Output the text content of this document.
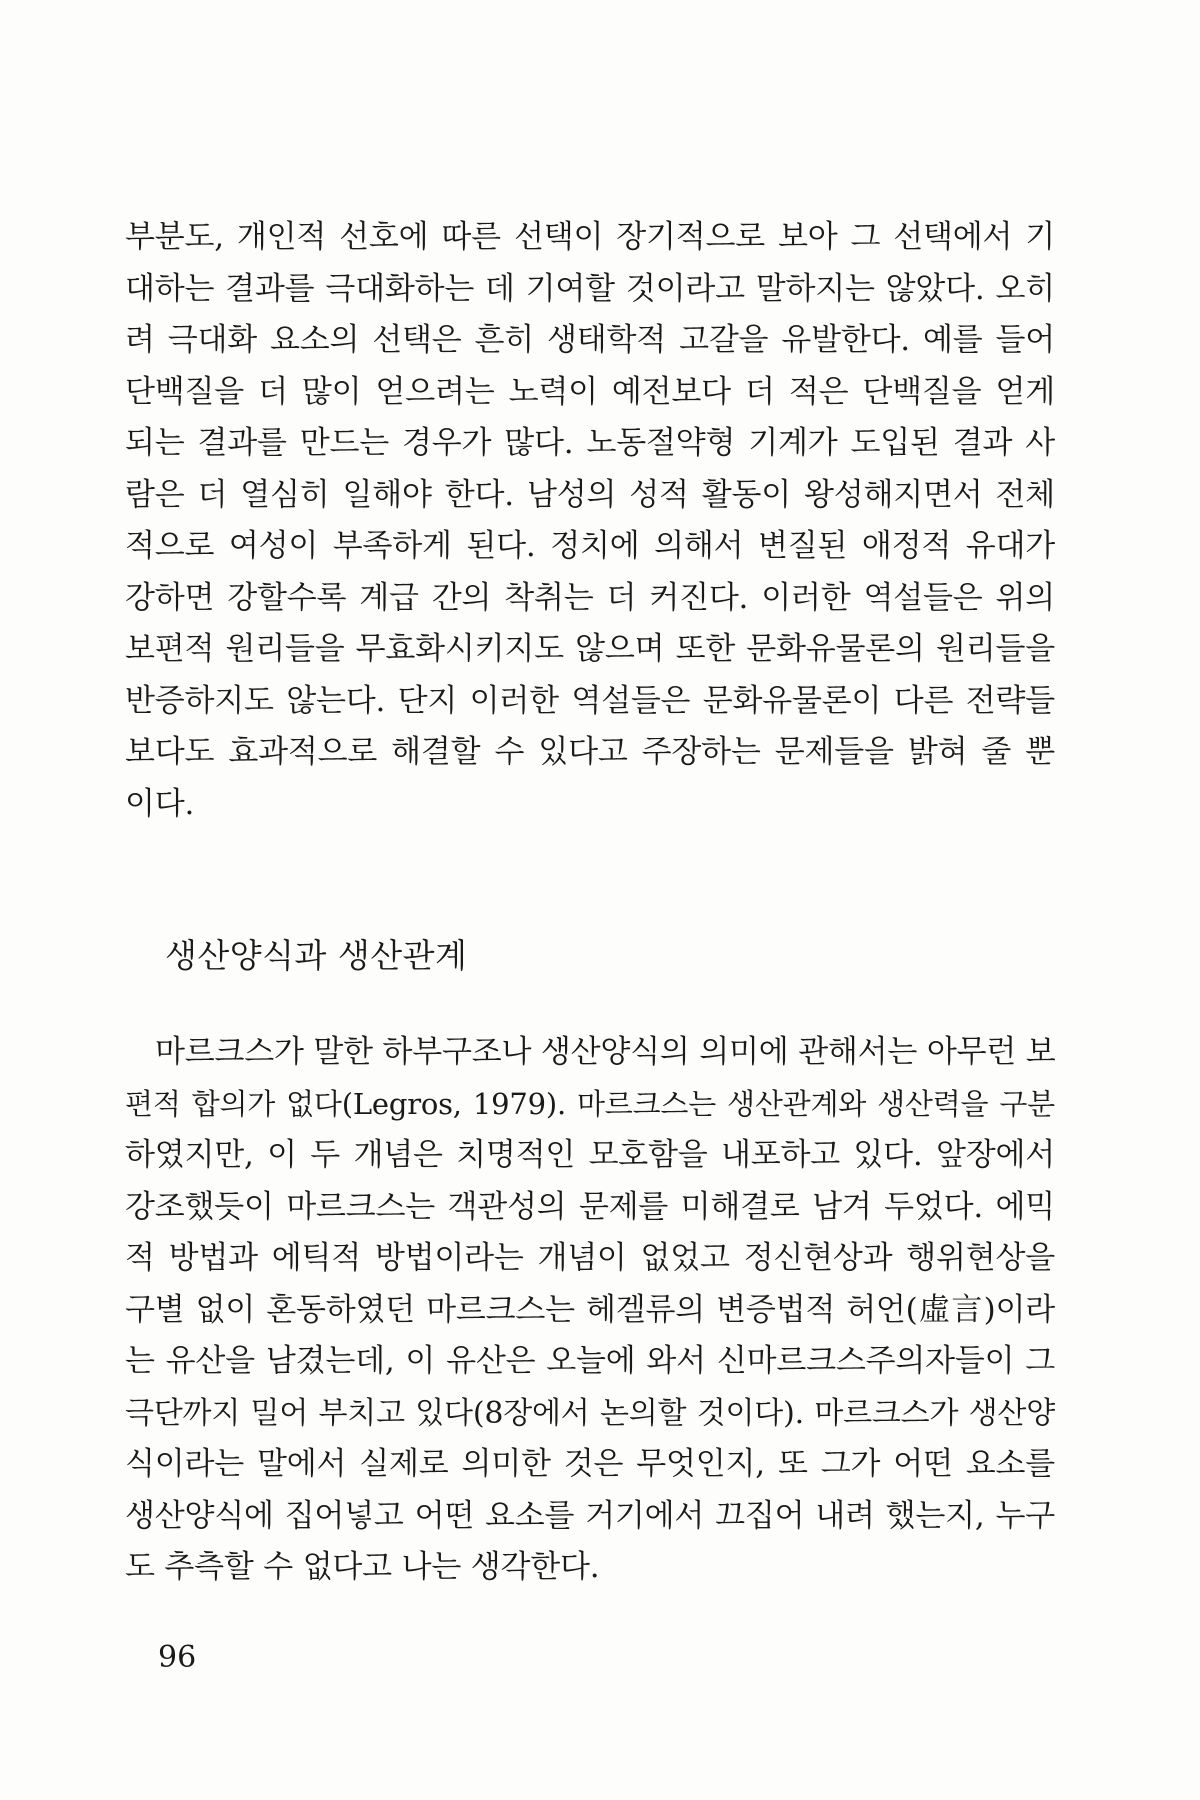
부분도, 개인적 선호에 따른 선택이 장기적으로 보아 그 선택에서 기
대하는 결과를 극대화하는 데 기여할 것이라고 말하지는 않았다. 오히
려 극대화 요소의 선택은 흔히 생태학적 고갈을 유발한다. 예를 들어
단백질을 더 많이 얻으려는 노력이 예전보다 더 적은 단백질을 얻게
되는 결과를 만드는 경우가 많다. 노동절약형 기계가 도입된 결과 사
람은 더 열심히 일해야 한다. 남성의 성적 활동이 왕성해지면서 전체
적으로 여성이 부족하게 된다. 정치에 의해서 변질된 애정적 유대가
강하면 강할수록 계급 간의 착취는 더 커진다. 이러한 역설들은 위의
보편적 원리들을 무효화시키지도 않으며 또한 문화유물론의 원리들을
반증하지도 않는다. 단지 이러한 역설들은 문화유물론이 다른 전략들
보다도 효과적으로 해결할 수 있다고 주장하는 문제들을 밝혀 줄 뿐
이다.

생산양식과 생산관계

마르크스가 말한 하부구조나 생산양식의 의미에 관해서는 아무런 보
편적 합의가 없다(Legros, 1979). 마르크스는 생산관계와 생산력을 구분
하였지만, 이 두 개념은 치명적인 모호함을 내포하고 있다. 앞장에서
강조했듯이 마르크스는 객관성의 문제를 미해결로 남겨 두었다. 에믹
적 방법과 에틱적 방법이라는 개념이 없었고 정신현상과 행위현상을
구별 없이 혼동하였던 마르크스는 헤겔류의 변증법적 허언(虛言)이라
는 유산을 남겼는데, 이 유산은 오늘에 와서 신마르크스주의자들이 그
극단까지 밀어 부치고 있다(8장에서 논의할 것이다). 마르크스가 생산양
식이라는 말에서 실제로 의미한 것은 무엇인지, 또 그가 어떤 요소를
생산양식에 집어넣고 어떤 요소를 거기에서 끄집어 내려 했는지, 누구
도 추측할 수 없다고 나는 생각한다.

96
